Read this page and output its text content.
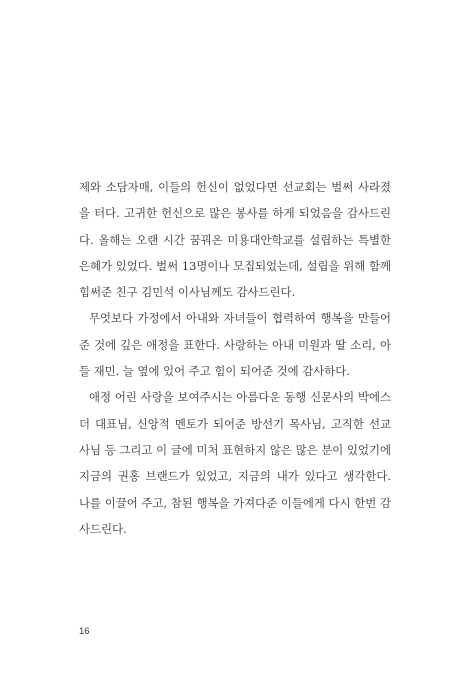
제와 소담자매, 이들의 헌신이 없었다면 선교회는 벌써 사라졌
을 터다. 고귀한 헌신으로 많은 봉사를 하게 되었음을 감사드린
다. 올해는 오랜 시간 꿈꿔온 미용대안학교를 설립하는 특별한
은혜가 있었다. 벌써 13명이나 모집되었는데, 설립을 위해 함께
힘써준 친구 김민석 이사님께도 감사드린다.
무엇보다 가정에서 아내와 자녀들이 협력하여 행복을 만들어
준 것에 깊은 애정을 표한다. 사랑하는 아내 미원과 딸 소리, 아
들 재민. 늘 옆에 있어 주고 힘이 되어준 것에 감사하다.
애정 어린 사랑을 보여주시는 아름다운 동행 신문사의 박에스
더 대표님, 신앙적 멘토가 되어준 방선기 목사님, 고직한 선교
사님 등 그리고 이 글에 미처 표현하지 않은 많은 분이 있었기에
지금의 권홍 브랜드가 있었고, 지금의 내가 있다고 생각한다.
나를 이끌어 주고, 참된 행복을 가져다준 이들에게 다시 한번 감
사드린다.
16
